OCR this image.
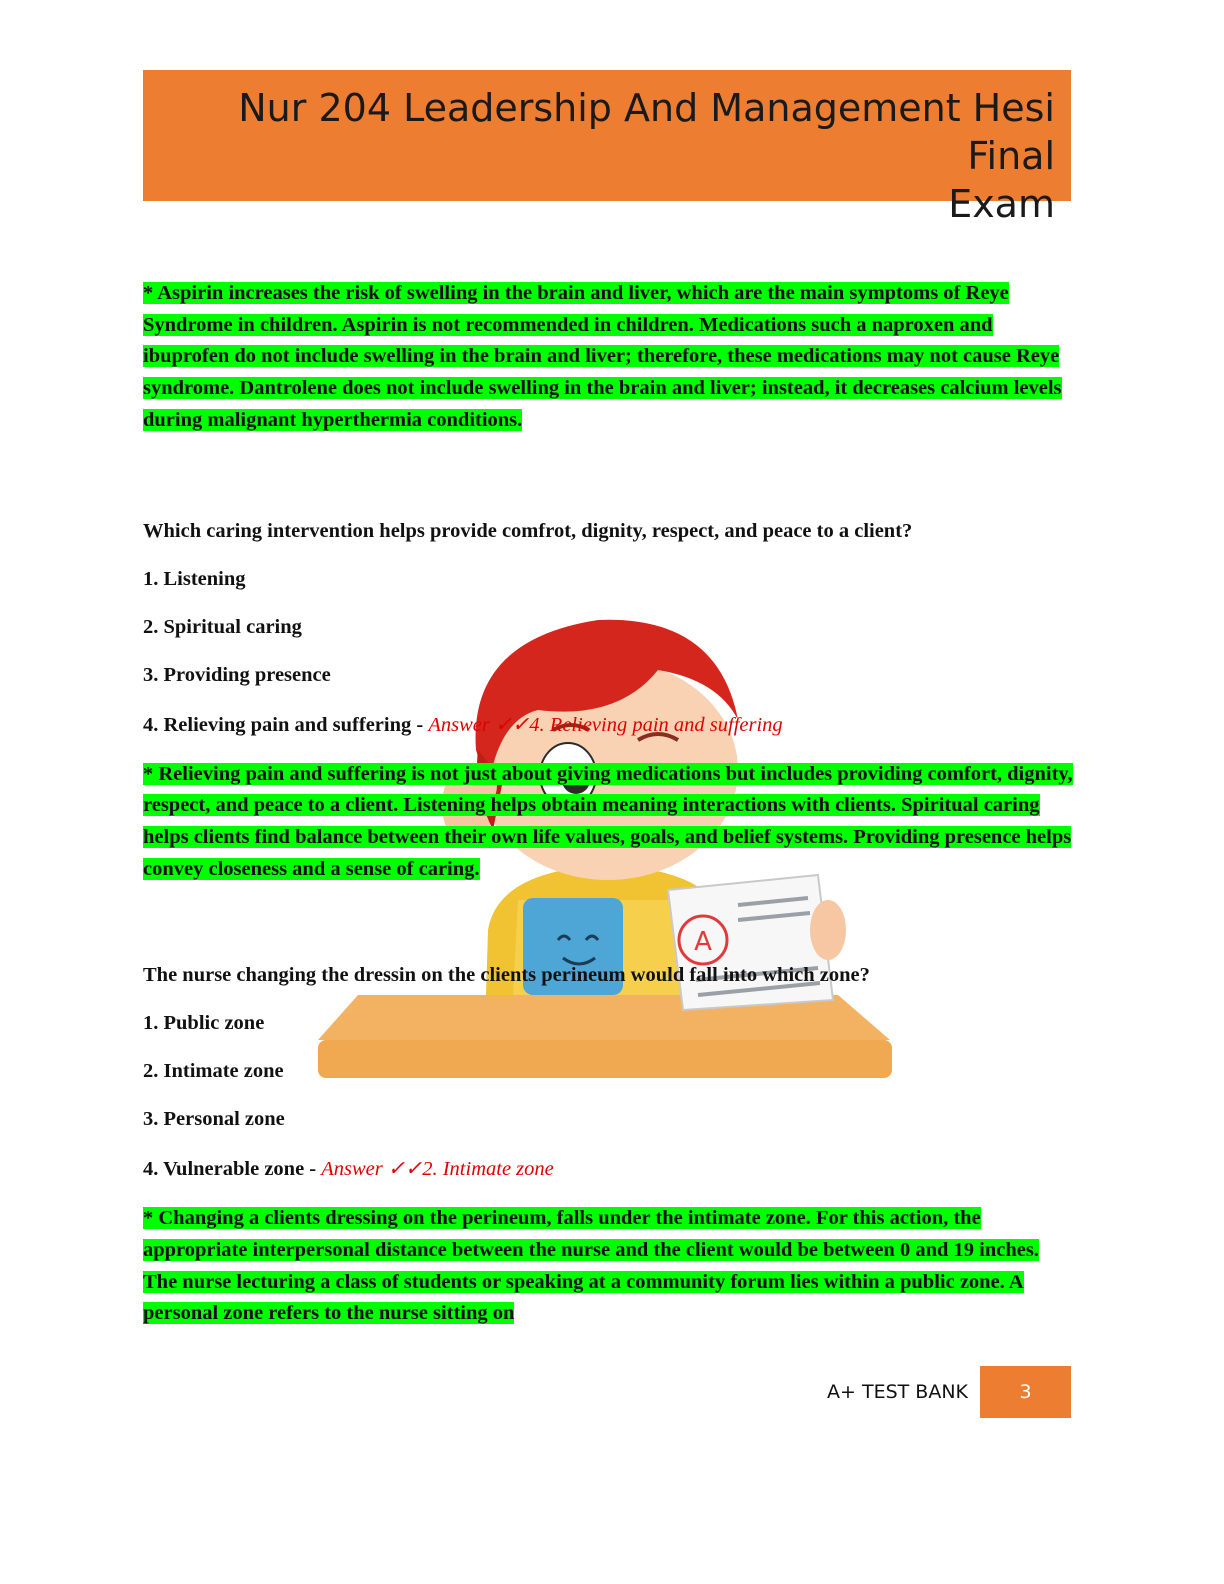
Nur 204 Leadership And Management Hesi Final
Exam

A

* Aspirin increases the risk of swelling in the brain and liver, which are the main symptoms of Reye Syndrome in children. Aspirin is not recommended in children. Medications such a naproxen and ibuprofen do not include swelling in the brain and liver; therefore, these medications may not cause Reye syndrome. Dantrolene does not include swelling in the brain and liver; instead, it decreases calcium levels during malignant hyperthermia conditions.

Which caring intervention helps provide comfrot, dignity, respect, and peace to a client?

1. Listening

2. Spiritual caring

3. Providing presence

4. Relieving pain and suffering - Answer ✓✓4. Relieving pain and suffering

* Relieving pain and suffering is not just about giving medications but includes providing comfort, dignity, respect, and peace to a client. Listening helps obtain meaning interactions with clients. Spiritual caring helps clients find balance between their own life values, goals, and belief systems. Providing presence helps convey closeness and a sense of caring.

The nurse changing the dressin on the clients perineum would fall into which zone?

1. Public zone

2. Intimate zone

3. Personal zone

4. Vulnerable zone - Answer ✓✓2. Intimate zone

* Changing a clients dressing on the perineum, falls under the intimate zone. For this action, the appropriate interpersonal distance between the nurse and the client would be between 0 and 19 inches. The nurse lecturing a class of students or speaking at a community forum lies within a public zone. A personal zone refers to the nurse sitting on

A+ TEST BANK	3
